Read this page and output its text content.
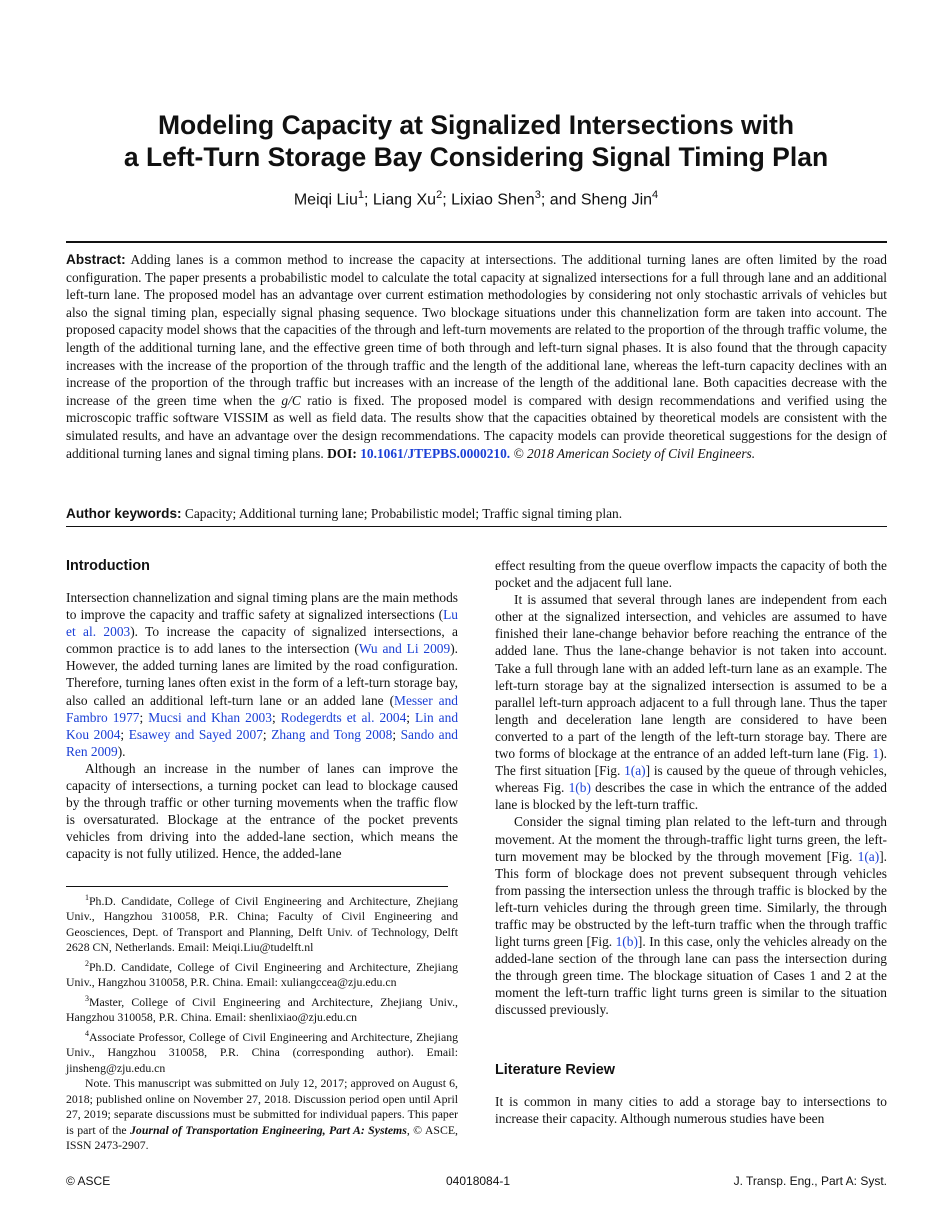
Modeling Capacity at Signalized Intersections with
a Left-Turn Storage Bay Considering Signal Timing Plan
Meiqi Liu$^1$; Liang Xu$^2$; Lixiao Shen$^3$; and Sheng Jin$^4$
Abstract: Adding lanes is a common method to increase the capacity at intersections. The additional turning lanes are often limited by the road configuration. The paper presents a probabilistic model to calculate the total capacity at signalized intersections for a full through lane and an additional left-turn lane. The proposed model has an advantage over current estimation methodologies by considering not only stochastic arrivals of vehicles but also the signal timing plan, especially signal phasing sequence. Two blockage situations under this channelization form are taken into account. The proposed capacity model shows that the capacities of the through and left-turn movements are related to the proportion of the through traffic volume, the length of the additional turning lane, and the effective green time of both through and left-turn signal phases. It is also found that the through capacity increases with the increase of the proportion of the through traffic and the length of the additional lane, whereas the left-turn capacity declines with an increase of the proportion of the through traffic but increases with an increase of the length of the additional lane. Both capacities decrease with the increase of the green time when the g/C ratio is fixed. The proposed model is compared with design recommendations and verified using the microscopic traffic software VISSIM as well as field data. The results show that the capacities obtained by theoretical models are consistent with the simulated results, and have an advantage over the design recommendations. The capacity models can provide theoretical suggestions for the design of additional turning lanes and signal timing plans. DOI: 10.1061/JTEPBS.0000210. © 2018 American Society of Civil Engineers.
Author keywords: Capacity; Additional turning lane; Probabilistic model; Traffic signal timing plan.
Introduction

Intersection channelization and signal timing plans are the main methods to improve the capacity and traffic safety at signalized intersections (Lu et al. 2003). To increase the capacity of signalized intersections, a common practice is to add lanes to the intersection (Wu and Li 2009). However, the added turning lanes are limited by the road configuration. Therefore, turning lanes often exist in the form of a left-turn storage bay, also called an additional left-turn lane or an added lane (Messer and Fambro 1977; Mucsi and Khan 2003; Rodegerdts et al. 2004; Lin and Kou 2004; Esawey and Sayed 2007; Zhang and Tong 2008; Sando and Ren 2009).

Although an increase in the number of lanes can improve the capacity of intersections, a turning pocket can lead to blockage caused by the through traffic or other turning movements when the traffic flow is oversaturated. Blockage at the entrance of the pocket prevents vehicles from driving into the added-lane section, which means the capacity is not fully utilized. Hence, the added-lane

$^1$Ph.D. Candidate, College of Civil Engineering and Architecture, Zhejiang Univ., Hangzhou 310058, P.R. China; Faculty of Civil Engineering and Geosciences, Dept. of Transport and Planning, Delft Univ. of Technology, Delft 2628 CN, Netherlands. Email: Meiqi.Liu@tudelft.nl

$^2$Ph.D. Candidate, College of Civil Engineering and Architecture, Zhejiang Univ., Hangzhou 310058, P.R. China. Email: xuliangccea@zju.edu.cn

$^3$Master, College of Civil Engineering and Architecture, Zhejiang Univ., Hangzhou 310058, P.R. China. Email: shenlixiao@zju.edu.cn

$^4$Associate Professor, College of Civil Engineering and Architecture, Zhejiang Univ., Hangzhou 310058, P.R. China (corresponding author). Email: jinsheng@zju.edu.cn

Note. This manuscript was submitted on July 12, 2017; approved on August 6, 2018; published online on November 27, 2018. Discussion period open until April 27, 2019; separate discussions must be submitted for individual papers. This paper is part of the Journal of Transportation Engineering, Part A: Systems, © ASCE, ISSN 2473-2907.

effect resulting from the queue overflow impacts the capacity of both the pocket and the adjacent full lane.

It is assumed that several through lanes are independent from each other at the signalized intersection, and vehicles are assumed to have finished their lane-change behavior before reaching the entrance of the added lane. Thus the lane-change behavior is not taken into account. Take a full through lane with an added left-turn lane as an example. The left-turn storage bay at the signalized intersection is assumed to be a parallel left-turn approach adjacent to a full through lane. Thus the taper length and deceleration lane length are considered to have been converted to a part of the length of the left-turn storage bay. There are two forms of blockage at the entrance of an added left-turn lane (Fig. 1). The first situation [Fig. 1(a)] is caused by the queue of through vehicles, whereas Fig. 1(b) describes the case in which the entrance of the added lane is blocked by the left-turn traffic.

Consider the signal timing plan related to the left-turn and through movement. At the moment the through-traffic light turns green, the left-turn movement may be blocked by the through movement [Fig. 1(a)]. This form of blockage does not prevent subsequent through vehicles from passing the intersection unless the through traffic is blocked by the left-turn vehicles during the through green time. Similarly, the through traffic may be obstructed by the left-turn traffic when the through traffic light turns green [Fig. 1(b)]. In this case, only the vehicles already on the added-lane section of the through lane can pass the intersection during the through green time. The blockage situation of Cases 1 and 2 at the moment the left-turn traffic light turns green is similar to the situation discussed previously.

Literature Review

It is common in many cities to add a storage bay to intersections to increase their capacity. Although numerous studies have been

© ASCE	04018084-1	J. Transp. Eng., Part A: Syst.
